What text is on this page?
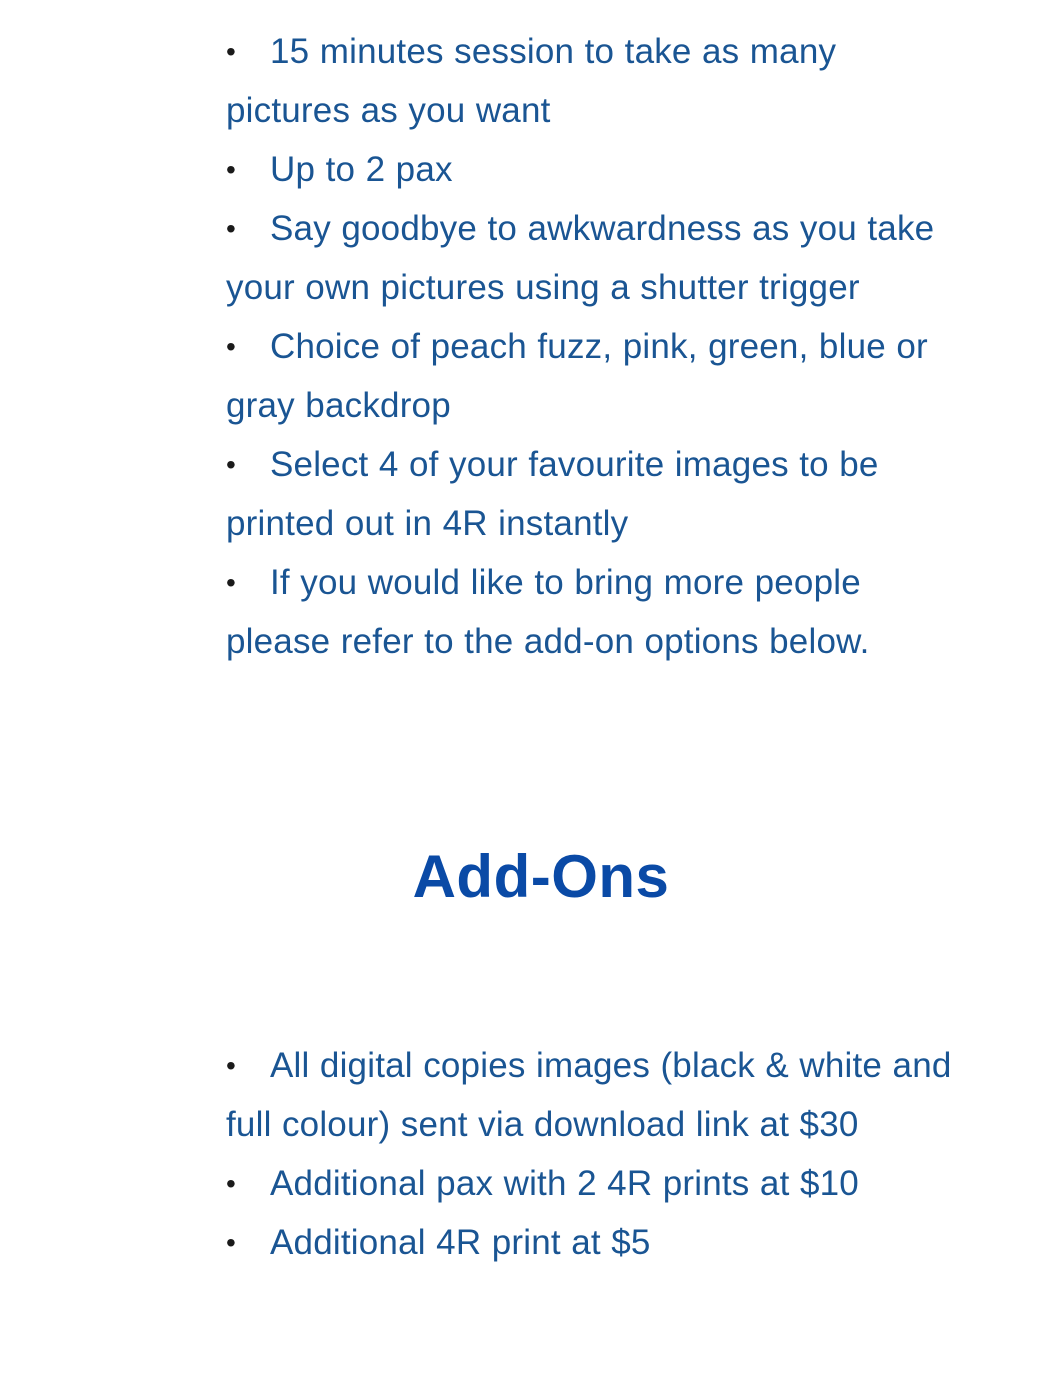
• 15 minutes session to take as many pictures as you want
• Up to 2 pax
• Say goodbye to awkwardness as you take your own pictures using a shutter trigger
• Choice of peach fuzz, pink, green, blue or gray backdrop
• Select 4 of your favourite images to be printed out in 4R instantly
• If you would like to bring more people please refer to the add-on options below.
Add-Ons
• All digital copies images (black & white and full colour) sent via download link at $30
• Additional pax with 2 4R prints at $10
• Additional 4R print at $5
